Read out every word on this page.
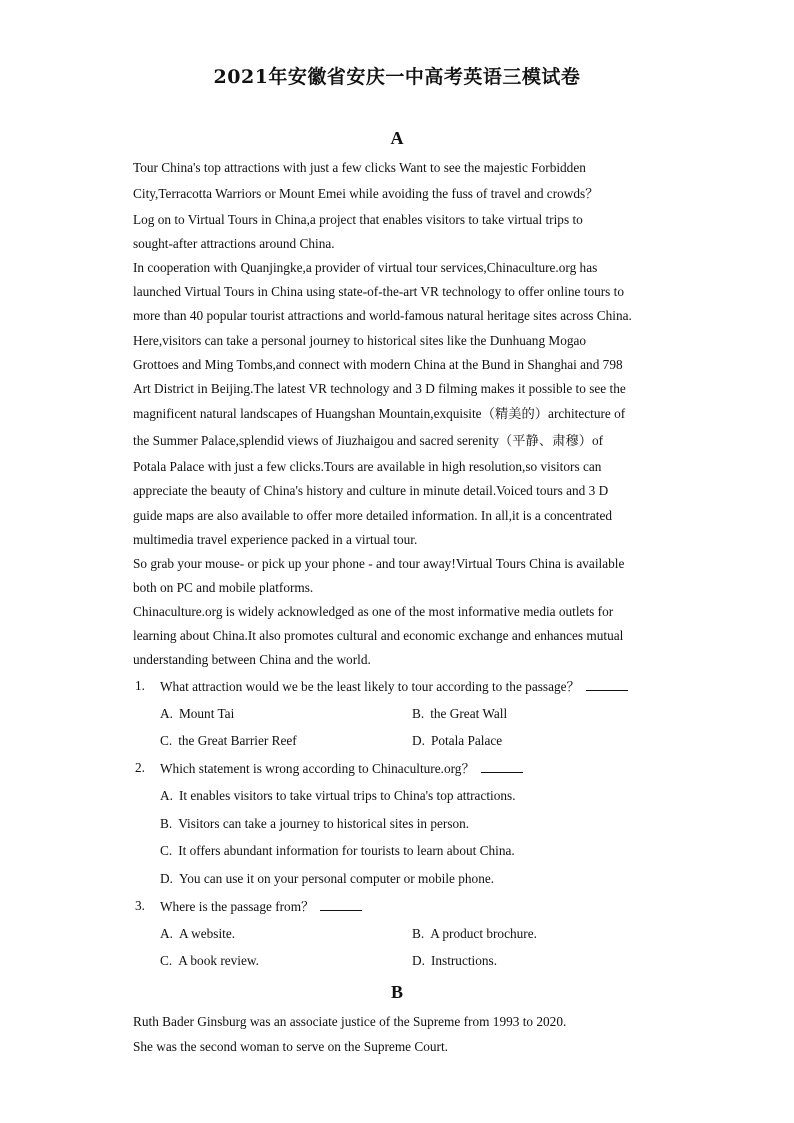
2021年安徽省安庆一中高考英语三模试卷
A
Tour China's top attractions with just a few clicks Want to see the majestic Forbidden
City,Terracotta Warriors or Mount Emei while avoiding the fuss of travel and crowds？
Log on to Virtual Tours in China,a project that enables visitors to take virtual trips to
sought-after attractions around China.
In cooperation with Quanjingke,a provider of virtual tour services,Chinaculture.org has
launched Virtual Tours in China using state-of-the-art VR technology to offer online tours to
more than 40 popular tourist attractions and world-famous natural heritage sites across China.
Here,visitors can take a personal journey to historical sites like the Dunhuang Mogao
Grottoes and Ming Tombs,and connect with modern China at the Bund in Shanghai and 798
Art District in Beijing.The latest VR technology and 3 D filming makes it possible to see the
magnificent natural landscapes of Huangshan Mountain,exquisite（精美的）architecture of
the Summer Palace,splendid views of Jiuzhaigou and sacred serenity（平静、肃穆）of
Potala Palace with just a few clicks.Tours are available in high resolution,so visitors can
appreciate the beauty of China's history and culture in minute detail.Voiced tours and 3 D
guide maps are also available to offer more detailed information. In all,it is a concentrated
multimedia travel experience packed in a virtual tour.
So grab your mouse- or pick up your phone - and tour away!Virtual Tours China is available
both on PC and mobile platforms.
Chinaculture.org is widely acknowledged as one of the most informative media outlets for
learning about China.It also promotes cultural and economic exchange and enhances mutual
understanding between China and the world.
1. What attraction would we be the least likely to tour according to the passage？
A. Mount Tai	B. the Great Wall
C. the Great Barrier Reef	D. Potala Palace
2. Which statement is wrong according to Chinaculture.org？
A. It enables visitors to take virtual trips to China's top attractions.
B. Visitors can take a journey to historical sites in person.
C. It offers abundant information for tourists to learn about China.
D. You can use it on your personal computer or mobile phone.
3. Where is the passage from？
A. A website.	B. A product brochure.
C. A book review.	D. Instructions.
B
Ruth Bader Ginsburg was an associate justice of the Supreme from 1993 to 2020.
She was the second woman to serve on the Supreme Court.
